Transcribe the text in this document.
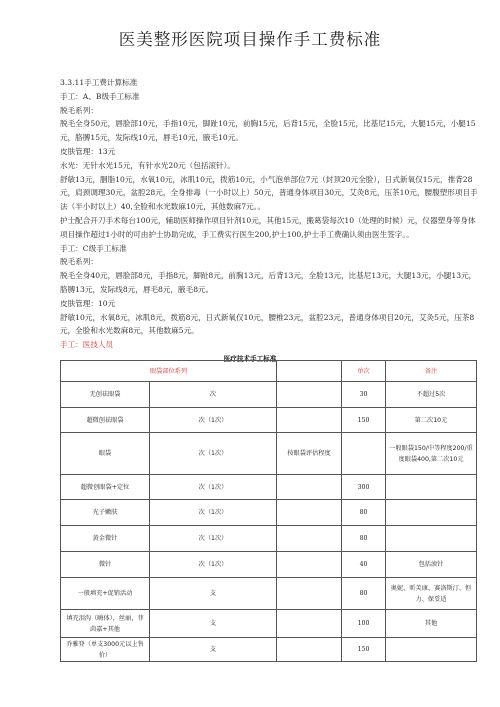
医美整形医院项目操作手工费标准

3.3.11手工费计算标准

手工：A、B级手工标准

脱毛系列：

脱毛全身50元，唇脸部10元，手指10元，脚趾10元，前胸15元，后背15元，全脸15元，比基尼15元，大腿15元，小腿15元，胳膊15元，发际线10元，唇毛10元，腋毛10元。

皮肤管理：13元

水光：无针水光15元，有针水光20元（包括滚针）。

舒敏13元，胭脂10元，水氧10元，冰肌10元，拨筋10元，小气泡单部位7元（封顶20元全脸），日式新氧仅15元，推背28元，肩颈调理30元，盆腔28元，全身排毒（一小时以上）50元，普通身体项目30元，艾灸8元，压茶10元，腰腹塑形项目手法（半小时以上）40,全脸和水光数麻10元，其他数麻7元。。

护士配合开刀手术每台100元，辅助医师操作项目针剂10元，其他15元，搬葛袋每次10（处理的时候）元，仪器塑身等身体项目操作超过1小时的可由护士协助完成，手工费实行医生200,护士100,护士手工费确认须由医生签字。。

手工：C级手工标准

脱毛系列：

脱毛全身40元，唇脸部8元，手指8元，脚趾8元，前胸13元，后背13元，全脸13元，比基尼13元，大腿13元，小腿13元，胳膊13元，发际线8元，唇毛8元，腋毛8元。

皮肤管理：10元

舒敏10元，水氧8元，冰肌8元，拨筋8元，日式新氧仅10元，腰椎23元，盆腔23元，普通身体项目20元，艾灸5元，压茶8元，全脸和水光数麻8元，其他数麻5元。

手工：医技人员

医疗技术手工标准
眼袋部位系列			单次	备注
无创祛眼袋	次		30	不超过5次
超微创祛眼袋	次（1次）		150	第二次10元
眼袋	次（1次）	按眼袋评估程度		一般眼袋150/中等程度200/重度眼袋400,第二次10元
超微创眼袋+定位	次（1次）		300	
光子嫩肤	次（1次）		80	
黄金微针	次（1次）		80	
微针	次（1次）		40	包括滚针
一般填充+促销活动	支		80	奥妮、昕芙康、赛洛斯汀、恒力、保妥适
填充泪沟（嗨体），丝丽，菲茵嘉+其他	支		100	其他
乔雅登（单支3000元以上售价）	支		150	
